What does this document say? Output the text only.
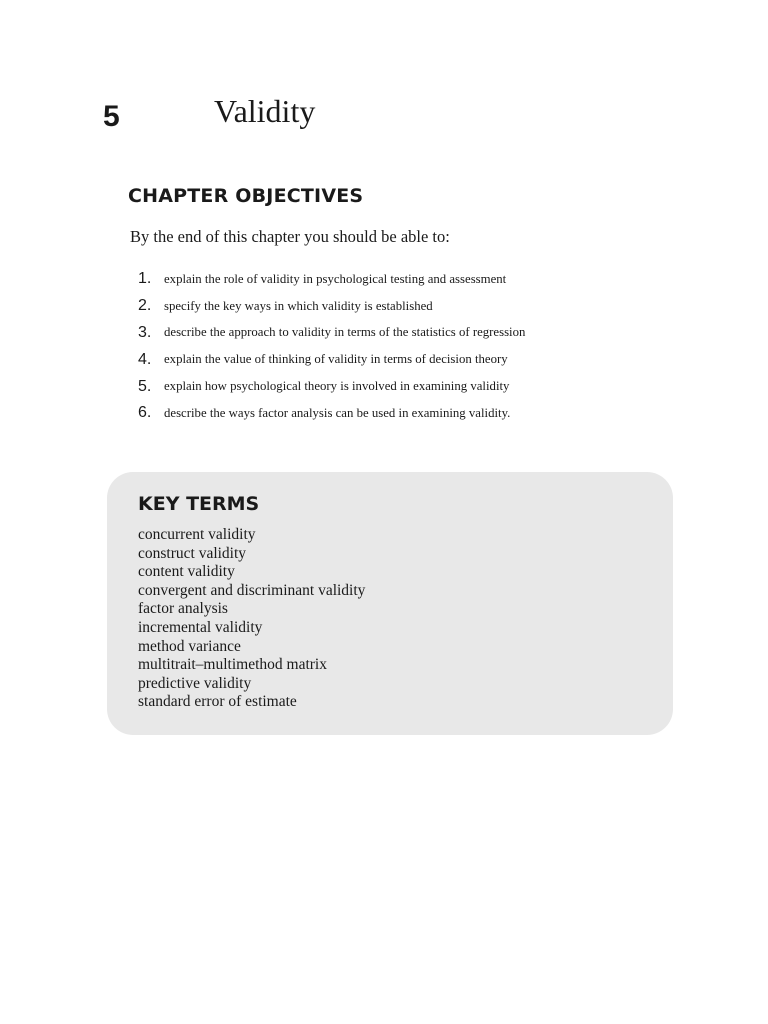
5	Validity
CHAPTER OBJECTIVES

By the end of this chapter you should be able to:

1. explain the role of validity in psychological testing and assessment
2. specify the key ways in which validity is established
3. describe the approach to validity in terms of the statistics of regression
4. explain the value of thinking of validity in terms of decision theory
5. explain how psychological theory is involved in examining validity
6. describe the ways factor analysis can be used in examining validity.
KEY TERMS
concurrent validity
construct validity
content validity
convergent and discriminant validity
factor analysis
incremental validity
method variance
multitrait–multimethod matrix
predictive validity
standard error of estimate
